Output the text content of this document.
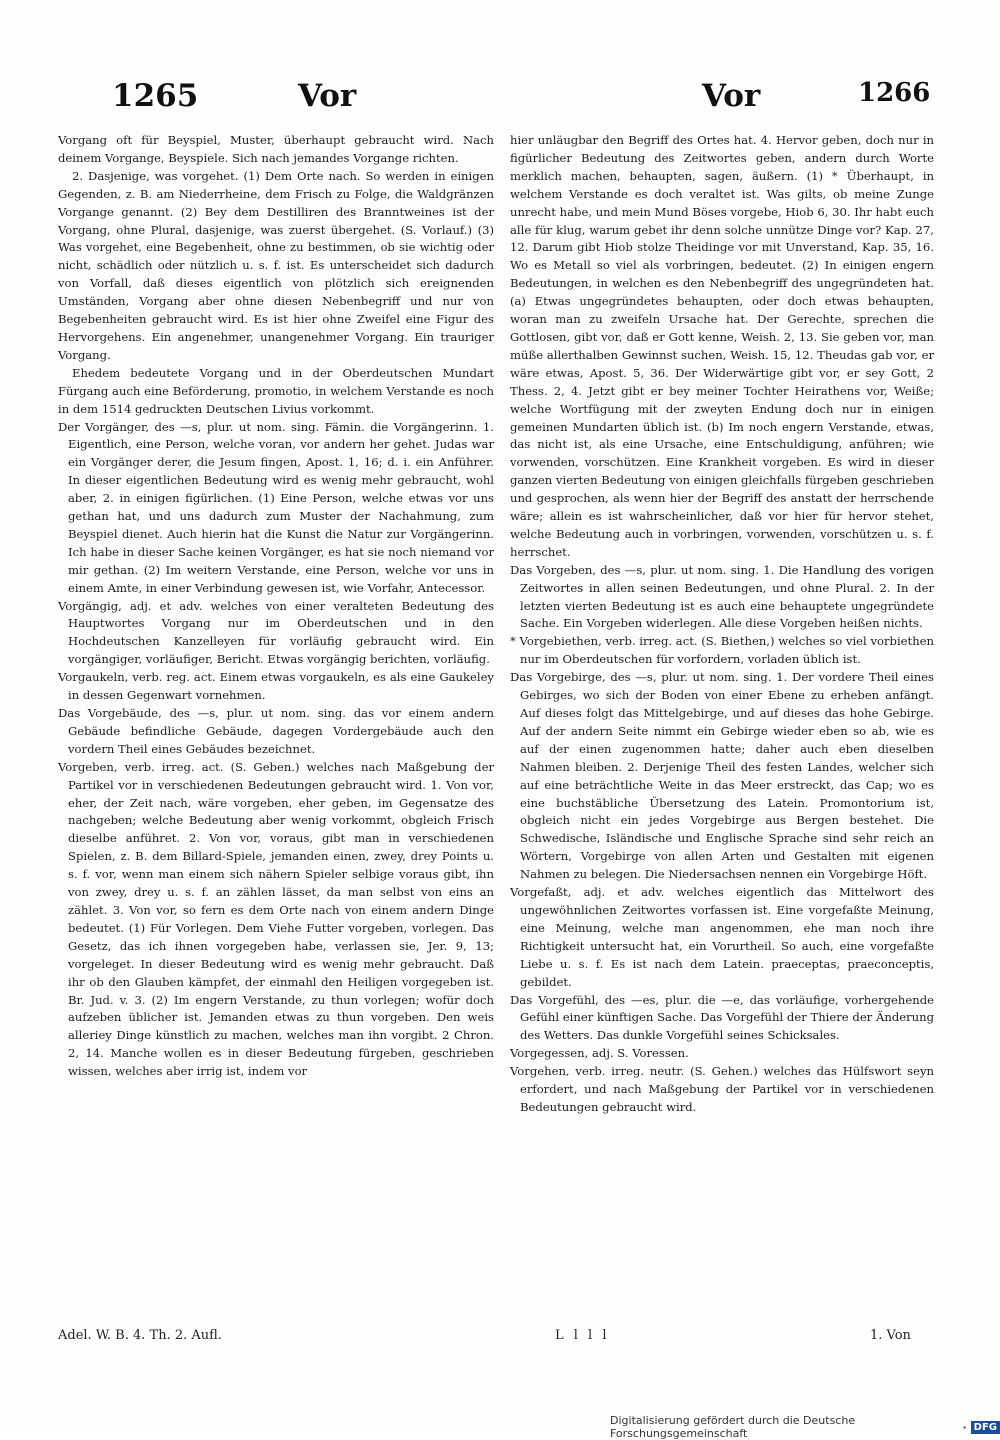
1265	Vor	Vor	1266

Vorgang oft für Beyspiel, Muster, überhaupt gebraucht wird. Nach deinem Vorgange, Beyspiele. Sich nach jemandes Vorgange richten.

2. Dasjenige, was vorgehet. (1) Dem Orte nach. So werden in einigen Gegenden, z. B. am Niederrheine, dem Frisch zu Folge, die Waldgränzen Vorgange genannt. (2) Bey dem Destilliren des Branntweines ist der Vorgang, ohne Plural, dasjenige, was zuerst übergehet. (S. Vorlauf.) (3) Was vorgehet, eine Begebenheit, ohne zu bestimmen, ob sie wichtig oder nicht, schädlich oder nützlich u. s. f. ist. Es unterscheidet sich dadurch von Vorfall, daß dieses eigentlich von plötzlich sich ereignenden Umständen, Vorgang aber ohne diesen Nebenbegriff und nur von Begebenheiten gebraucht wird. Es ist hier ohne Zweifel eine Figur des Hervorgehens. Ein angenehmer, unangenehmer Vorgang. Ein trauriger Vorgang.

Ehedem bedeutete Vorgang und in der Oberdeutschen Mundart Fürgang auch eine Beförderung, promotio, in welchem Verstande es noch in dem 1514 gedruckten Deutschen Livius vorkommt.

Der Vorgänger, des —s, plur. ut nom. sing. Fämin. die Vorgängerinn. 1. Eigentlich, eine Person, welche voran, vor andern her gehet. Judas war ein Vorgänger derer, die Jesum fingen, Apost. 1, 16; d. i. ein Anführer. In dieser eigentlichen Bedeutung wird es wenig mehr gebraucht, wohl aber, 2. in einigen figürlichen. (1) Eine Person, welche etwas vor uns gethan hat, und uns dadurch zum Muster der Nachahmung, zum Beyspiel dienet. Auch hierin hat die Kunst die Natur zur Vorgängerinn. Ich habe in dieser Sache keinen Vorgänger, es hat sie noch niemand vor mir gethan. (2) Im weitern Verstande, eine Person, welche vor uns in einem Amte, in einer Verbindung gewesen ist, wie Vorfahr, Antecessor.

Vorgängig, adj. et adv. welches von einer veralteten Bedeutung des Hauptwortes Vorgang nur im Oberdeutschen und in den Hochdeutschen Kanzelleyen für vorläufig gebraucht wird. Ein vorgängiger, vorläufiger, Bericht. Etwas vorgängig berichten, vorläufig.

Vorgaukeln, verb. reg. act. Einem etwas vorgaukeln, es als eine Gaukeley in dessen Gegenwart vornehmen.

Das Vorgebäude, des —s, plur. ut nom. sing. das vor einem andern Gebäude befindliche Gebäude, dagegen Vordergebäude auch den vordern Theil eines Gebäudes bezeichnet.

Vorgeben, verb. irreg. act. (S. Geben.) welches nach Maßgebung der Partikel vor in verschiedenen Bedeutungen gebraucht wird. 1. Von vor, eher, der Zeit nach, wäre vorgeben, eher geben, im Gegensatze des nachgeben; welche Bedeutung aber wenig vorkommt, obgleich Frisch dieselbe anführet. 2. Von vor, voraus, gibt man in verschiedenen Spielen, z. B. dem Billard-Spiele, jemanden einen, zwey, drey Points u. s. f. vor, wenn man einem sich nähern Spieler selbige voraus gibt, ihn von zwey, drey u. s. f. an zählen lässet, da man selbst von eins an zählet. 3. Von vor, so fern es dem Orte nach von einem andern Dinge bedeutet. (1) Für Vorlegen. Dem Viehe Futter vorgeben, vorlegen. Das Gesetz, das ich ihnen vorgegeben habe, verlassen sie, Jer. 9, 13; vorgeleget. In dieser Bedeutung wird es wenig mehr gebraucht. Daß ihr ob den Glauben kämpfet, der einmahl den Heiligen vorgegeben ist. Br. Jud. v. 3. (2) Im engern Verstande, zu thun vorlegen; wofür doch aufzeben üblicher ist. Jemanden etwas zu thun vorgeben. Den weis alleriey Dinge künstlich zu machen, welches man ihn vorgibt. 2 Chron. 2, 14. Manche wollen es in dieser Bedeutung fürgeben, geschrieben wissen, welches aber irrig ist, indem vor

hier unläugbar den Begriff des Ortes hat. 4. Hervor geben, doch nur in figürlicher Bedeutung des Zeitwortes geben, andern durch Worte merklich machen, behaupten, sagen, äußern. (1) * Überhaupt, in welchem Verstande es doch veraltet ist. Was gilts, ob meine Zunge unrecht habe, und mein Mund Böses vorgebe, Hiob 6, 30. Ihr habt euch alle für klug, warum gebet ihr denn solche unnütze Dinge vor? Kap. 27, 12. Darum gibt Hiob stolze Theidinge vor mit Unverstand, Kap. 35, 16. Wo es Metall so viel als vorbringen, bedeutet. (2) In einigen engern Bedeutungen, in welchen es den Nebenbegriff des ungegründeten hat. (a) Etwas ungegründetes behaupten, oder doch etwas behaupten, woran man zu zweifeln Ursache hat. Der Gerechte, sprechen die Gottlosen, gibt vor, daß er Gott kenne, Weish. 2, 13. Sie geben vor, man müße allerthalben Gewinnst suchen, Weish. 15, 12. Theudas gab vor, er wäre etwas, Apost. 5, 36. Der Widerwärtige gibt vor, er sey Gott, 2 Thess. 2, 4. Jetzt gibt er bey meiner Tochter Heirathens vor, Weiße; welche Wortfügung mit der zweyten Endung doch nur in einigen gemeinen Mundarten üblich ist. (b) Im noch engern Verstande, etwas, das nicht ist, als eine Ursache, eine Entschuldigung, anführen; wie vorwenden, vorschützen. Eine Krankheit vorgeben. Es wird in dieser ganzen vierten Bedeutung von einigen gleichfalls fürgeben geschrieben und gesprochen, als wenn hier der Begriff des anstatt der herrschende wäre; allein es ist wahrscheinlicher, daß vor hier für hervor stehet, welche Bedeutung auch in vorbringen, vorwenden, vorschützen u. s. f. herrschet.

Das Vorgeben, des —s, plur. ut nom. sing. 1. Die Handlung des vorigen Zeitwortes in allen seinen Bedeutungen, und ohne Plural. 2. In der letzten vierten Bedeutung ist es auch eine behauptete ungegründete Sache. Ein Vorgeben widerlegen. Alle diese Vorgeben heißen nichts.

* Vorgebiethen, verb. irreg. act. (S. Biethen,) welches so viel vorbiethen nur im Oberdeutschen für vorfordern, vorladen üblich ist.

Das Vorgebirge, des —s, plur. ut nom. sing. 1. Der vordere Theil eines Gebirges, wo sich der Boden von einer Ebene zu erheben anfängt. Auf dieses folgt das Mittelgebirge, und auf dieses das hohe Gebirge. Auf der andern Seite nimmt ein Gebirge wieder eben so ab, wie es auf der einen zugenommen hatte; daher auch eben dieselben Nahmen bleiben. 2. Derjenige Theil des festen Landes, welcher sich auf eine beträchtliche Weite in das Meer erstreckt, das Cap; wo es eine buchstäbliche Übersetzung des Latein. Promontorium ist, obgleich nicht ein jedes Vorgebirge aus Bergen bestehet. Die Schwedische, Isländische und Englische Sprache sind sehr reich an Wörtern, Vorgebirge von allen Arten und Gestalten mit eigenen Nahmen zu belegen. Die Niedersachsen nennen ein Vorgebirge Höft.

Vorgefaßt, adj. et adv. welches eigentlich das Mittelwort des ungewöhnlichen Zeitwortes vorfassen ist. Eine vorgefaßte Meinung, eine Meinung, welche man angenommen, ehe man noch ihre Richtigkeit untersucht hat, ein Vorurtheil. So auch, eine vorgefaßte Liebe u. s. f. Es ist nach dem Latein. praeceptas, praeconceptis, gebildet.

Das Vorgefühl, des —es, plur. die —e, das vorläufige, vorhergehende Gefühl einer künftigen Sache. Das Vorgefühl der Thiere der Änderung des Wetters. Das dunkle Vorgefühl seines Schicksales.

Vorgegessen, adj. S. Voressen.

Vorgehen, verb. irreg. neutr. (S. Gehen.) welches das Hülfswort seyn erfordert, und nach Maßgebung der Partikel vor in verschiedenen Bedeutungen gebraucht wird.

Adel. W. B. 4. Th. 2. Aufl.	L l l l	1. Von
Digitalisierung gefördert durch die Deutsche Forschungsgemeinschaft	· DFG
